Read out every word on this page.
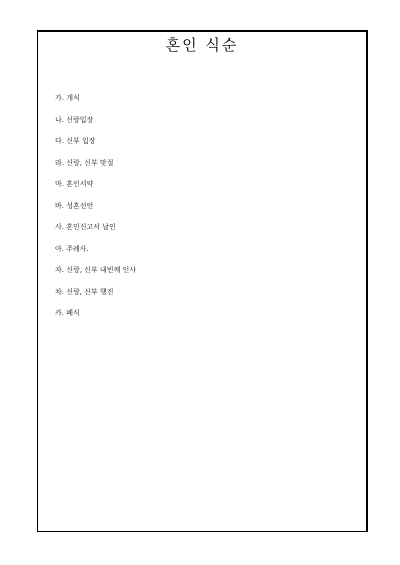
혼인 식순
가. 개식
나. 신랑입장
다. 신부 입장
라. 신랑, 신부 맞절
마. 혼인서약
바. 성혼선언
사. 혼인신고서 날인
아. 주례사.
자. 신랑, 신부 내빈께 인사
차. 신랑, 신부 행진
카. 폐식
